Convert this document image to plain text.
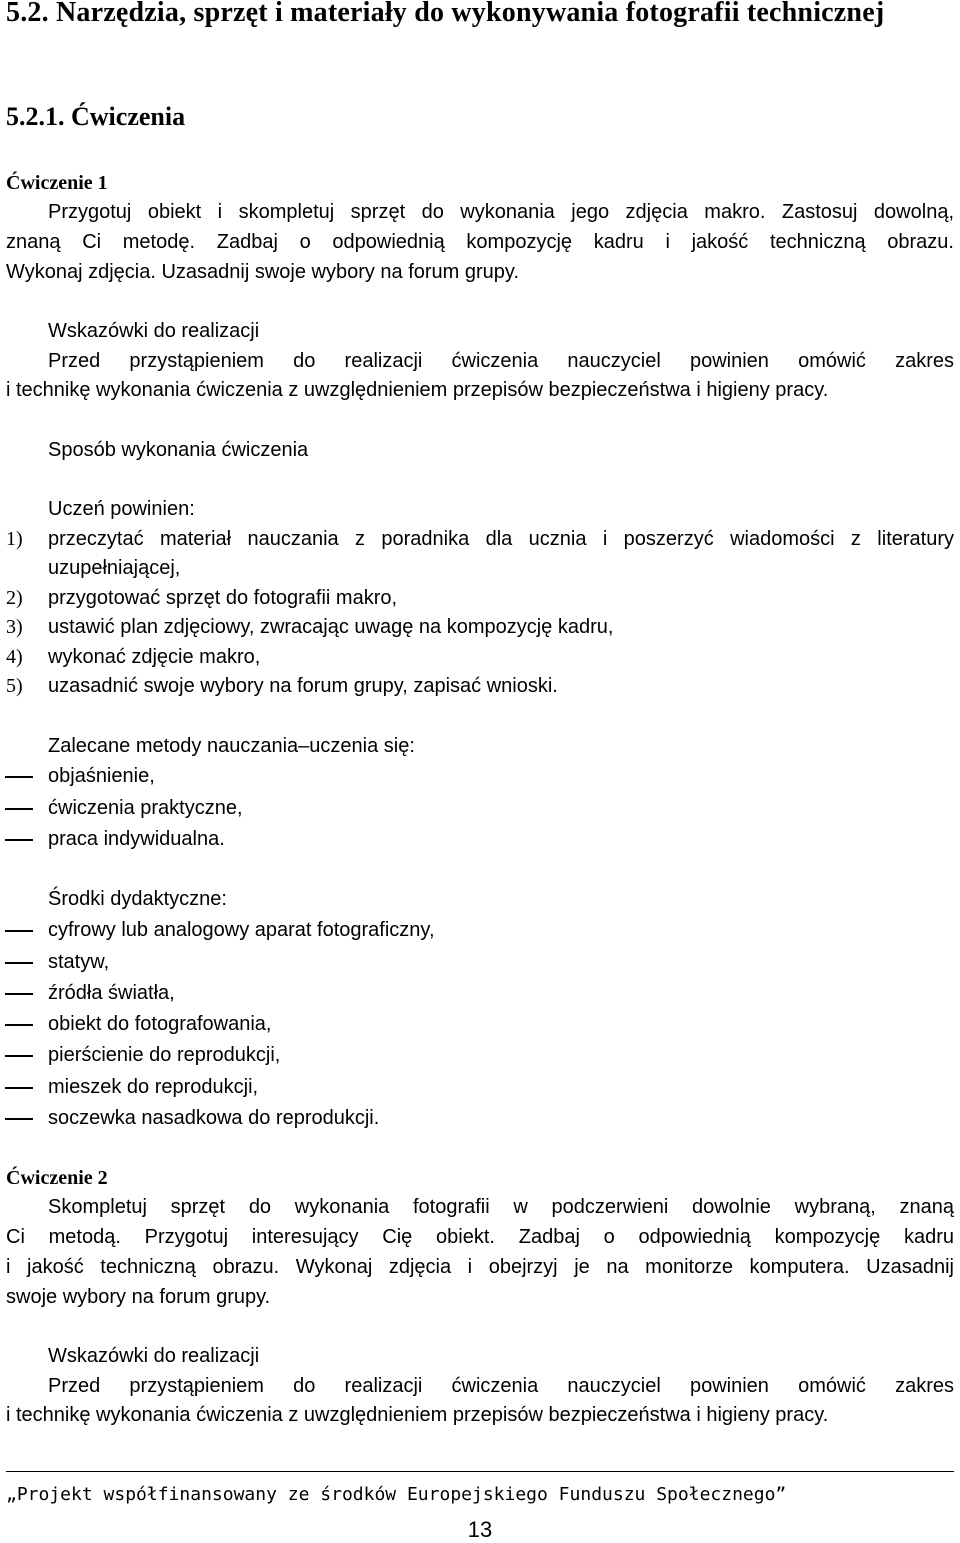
5.2. Narzędzia, sprzęt i materiały do wykonywania fotografii technicznej
5.2.1. Ćwiczenia
Ćwiczenie 1
Przygotuj obiekt i skompletuj sprzęt do wykonania jego zdjęcia makro. Zastosuj dowolną,
znaną Ci metodę. Zadbaj o odpowiednią kompozycję kadru i jakość techniczną obrazu.
Wykonaj zdjęcia. Uzasadnij swoje wybory na forum grupy.
Wskazówki do realizacji
Przed przystąpieniem do realizacji ćwiczenia nauczyciel powinien omówić zakres
i technikę wykonania ćwiczenia z uwzględnieniem przepisów bezpieczeństwa i higieny pracy.
Sposób wykonania ćwiczenia
Uczeń powinien:
1) przeczytać materiał nauczania z poradnika dla ucznia i poszerzyć wiadomości z literatury
uzupełniającej,
2) przygotować sprzęt do fotografii makro,
3) ustawić plan zdjęciowy, zwracając uwagę na kompozycję kadru,
4) wykonać zdjęcie makro,
5) uzasadnić swoje wybory na forum grupy, zapisać wnioski.
Zalecane metody nauczania–uczenia się:
objaśnienie,
ćwiczenia praktyczne,
praca indywidualna.
Środki dydaktyczne:
cyfrowy lub analogowy aparat fotograficzny,
statyw,
źródła światła,
obiekt do fotografowania,
pierścienie do reprodukcji,
mieszek do reprodukcji,
soczewka nasadkowa do reprodukcji.
Ćwiczenie 2
Skompletuj sprzęt do wykonania fotografii w podczerwieni dowolnie wybraną, znaną
Ci metodą. Przygotuj interesujący Cię obiekt. Zadbaj o odpowiednią kompozycję kadru
i jakość techniczną obrazu. Wykonaj zdjęcia i obejrzyj je na monitorze komputera. Uzasadnij
swoje wybory na forum grupy.
Wskazówki do realizacji
Przed przystąpieniem do realizacji ćwiczenia nauczyciel powinien omówić zakres
i technikę wykonania ćwiczenia z uwzględnieniem przepisów bezpieczeństwa i higieny pracy.
„Projekt współfinansowany ze środków Europejskiego Funduszu Społecznego”
13
